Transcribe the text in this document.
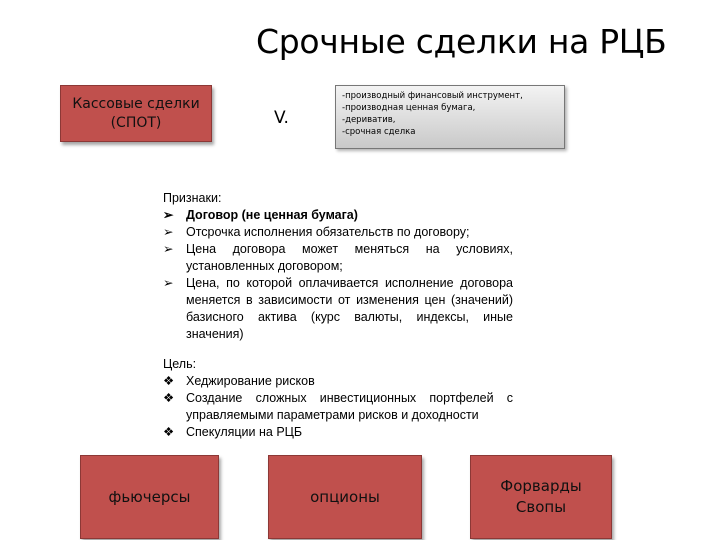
Срочные сделки на РЦБ
Кассовые сделки
(СПОТ)	V.
-производный финансовый инструмент,
-производная ценная бумага,
-дериватив,
-срочная сделка
Признаки:
➢	Договор (не ценная бумага)
➢	Отсрочка исполнения обязательств по договору;
➢	Цена договора может меняться на условиях, установленных договором;
➢	Цена, по которой оплачивается исполнение договора меняется в зависимости от изменения цен (значений) базисного актива (курс валюты, индексы, иные значения)
Цель:
❖ Хеджирование рисков
❖ Создание сложных инвестиционных портфелей с управляемыми параметрами рисков и доходности
❖ Спекуляции на РЦБ
фьючерсы	опционы
Форварды
Свопы
